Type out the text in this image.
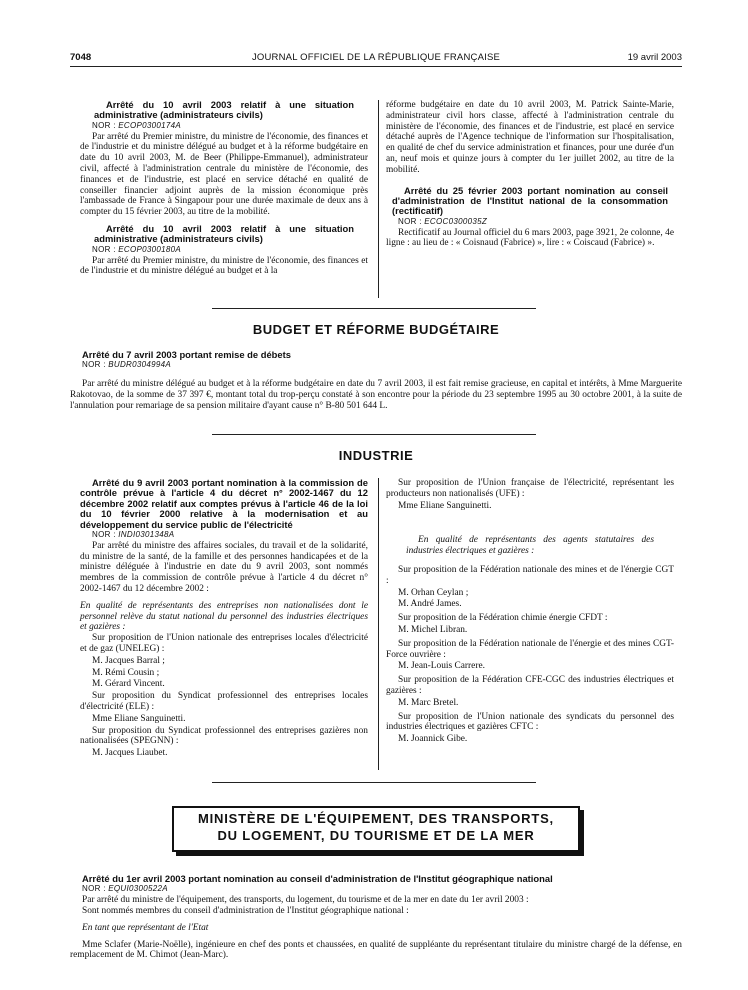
7048	JOURNAL OFFICIEL DE LA RÉPUBLIQUE FRANÇAISE	19 avril 2003

Arrêté du 10 avril 2003 relatif à une situation administrative (administrateurs civils)

NOR : ECOP0300174A

Par arrêté du Premier ministre, du ministre de l'économie, des finances et de l'industrie et du ministre délégué au budget et à la réforme budgétaire en date du 10 avril 2003, M. de Beer (Philippe-Emmanuel), administrateur civil, affecté à l'administration centrale du ministère de l'économie, des finances et de l'industrie, est placé en service détaché en qualité de conseiller financier adjoint auprès de la mission économique près l'ambassade de France à Singapour pour une durée maximale de deux ans à compter du 15 février 2003, au titre de la mobilité.

Arrêté du 10 avril 2003 relatif à une situation administrative (administrateurs civils)

NOR : ECOP0300180A

Par arrêté du Premier ministre, du ministre de l'économie, des finances et de l'industrie et du ministre délégué au budget et à la

réforme budgétaire en date du 10 avril 2003, M. Patrick Sainte-Marie, administrateur civil hors classe, affecté à l'administration centrale du ministère de l'économie, des finances et de l'industrie, est placé en service détaché auprès de l'Agence technique de l'information sur l'hospitalisation, en qualité de chef du service administration et finances, pour une durée d'un an, neuf mois et quinze jours à compter du 1er juillet 2002, au titre de la mobilité.

Arrêté du 25 février 2003 portant nomination au conseil d'administration de l'Institut national de la consommation (rectificatif)

NOR : ECOC0300035Z

Rectificatif au Journal officiel du 6 mars 2003, page 3921, 2e colonne, 4e ligne : au lieu de : « Coisnaud (Fabrice) », lire : « Coiscaud (Fabrice) ».

BUDGET ET RÉFORME BUDGÉTAIRE

Arrêté du 7 avril 2003 portant remise de débets

NOR : BUDR0304994A

Par arrêté du ministre délégué au budget et à la réforme budgétaire en date du 7 avril 2003, il est fait remise gracieuse, en capital et intérêts, à Mme Marguerite Rakotovao, de la somme de 37 397 €, montant total du trop-perçu constaté à son encontre pour la période du 23 septembre 1995 au 30 octobre 2001, à la suite de l'annulation pour remariage de sa pension militaire d'ayant cause n° B-80 501 644 L.

INDUSTRIE

Arrêté du 9 avril 2003 portant nomination à la commission de contrôle prévue à l'article 4 du décret n° 2002-1467 du 12 décembre 2002 relatif aux comptes prévus à l'article 46 de la loi du 10 février 2000 relative à la modernisation et au développement du service public de l'électricité

NOR : INDI0301348A

Par arrêté du ministre des affaires sociales, du travail et de la solidarité, du ministre de la santé, de la famille et des personnes handicapées et de la ministre déléguée à l'industrie en date du 9 avril 2003, sont nommés membres de la commission de contrôle prévue à l'article 4 du décret n° 2002-1467 du 12 décembre 2002 :

En qualité de représentants des entreprises non nationalisées dont le personnel relève du statut national du personnel des industries électriques et gazières :

Sur proposition de l'Union nationale des entreprises locales d'électricité et de gaz (UNELEG) :

M. Jacques Barral ;

M. Rémi Cousin ;

M. Gérard Vincent.

Sur proposition du Syndicat professionnel des entreprises locales d'électricité (ELE) :

Mme Eliane Sanguinetti.

Sur proposition du Syndicat professionnel des entreprises gazières non nationalisées (SPEGNN) :

M. Jacques Liaubet.

Sur proposition de l'Union française de l'électricité, représentant les producteurs non nationalisés (UFE) :

Mme Eliane Sanguinetti.

En qualité de représentants des agents statutaires des industries électriques et gazières :

Sur proposition de la Fédération nationale des mines et de l'énergie CGT :

M. Orhan Ceylan ;

M. André James.

Sur proposition de la Fédération chimie énergie CFDT :

M. Michel Libran.

Sur proposition de la Fédération nationale de l'énergie et des mines CGT-Force ouvrière :

M. Jean-Louis Carrere.

Sur proposition de la Fédération CFE-CGC des industries électriques et gazières :

M. Marc Bretel.

Sur proposition de l'Union nationale des syndicats du personnel des industries électriques et gazières CFTC :

M. Joannick Gibe.

MINISTÈRE DE L'ÉQUIPEMENT, DES TRANSPORTS,
DU LOGEMENT, DU TOURISME ET DE LA MER

Arrêté du 1er avril 2003 portant nomination au conseil d'administration de l'Institut géographique national

NOR : EQUI0300522A

Par arrêté du ministre de l'équipement, des transports, du logement, du tourisme et de la mer en date du 1er avril 2003 :

Sont nommés membres du conseil d'administration de l'Institut géographique national :

En tant que représentant de l'Etat

Mme Sclafer (Marie-Noëlle), ingénieure en chef des ponts et chaussées, en qualité de suppléante du représentant titulaire du ministre chargé de la défense, en remplacement de M. Chimot (Jean-Marc).
